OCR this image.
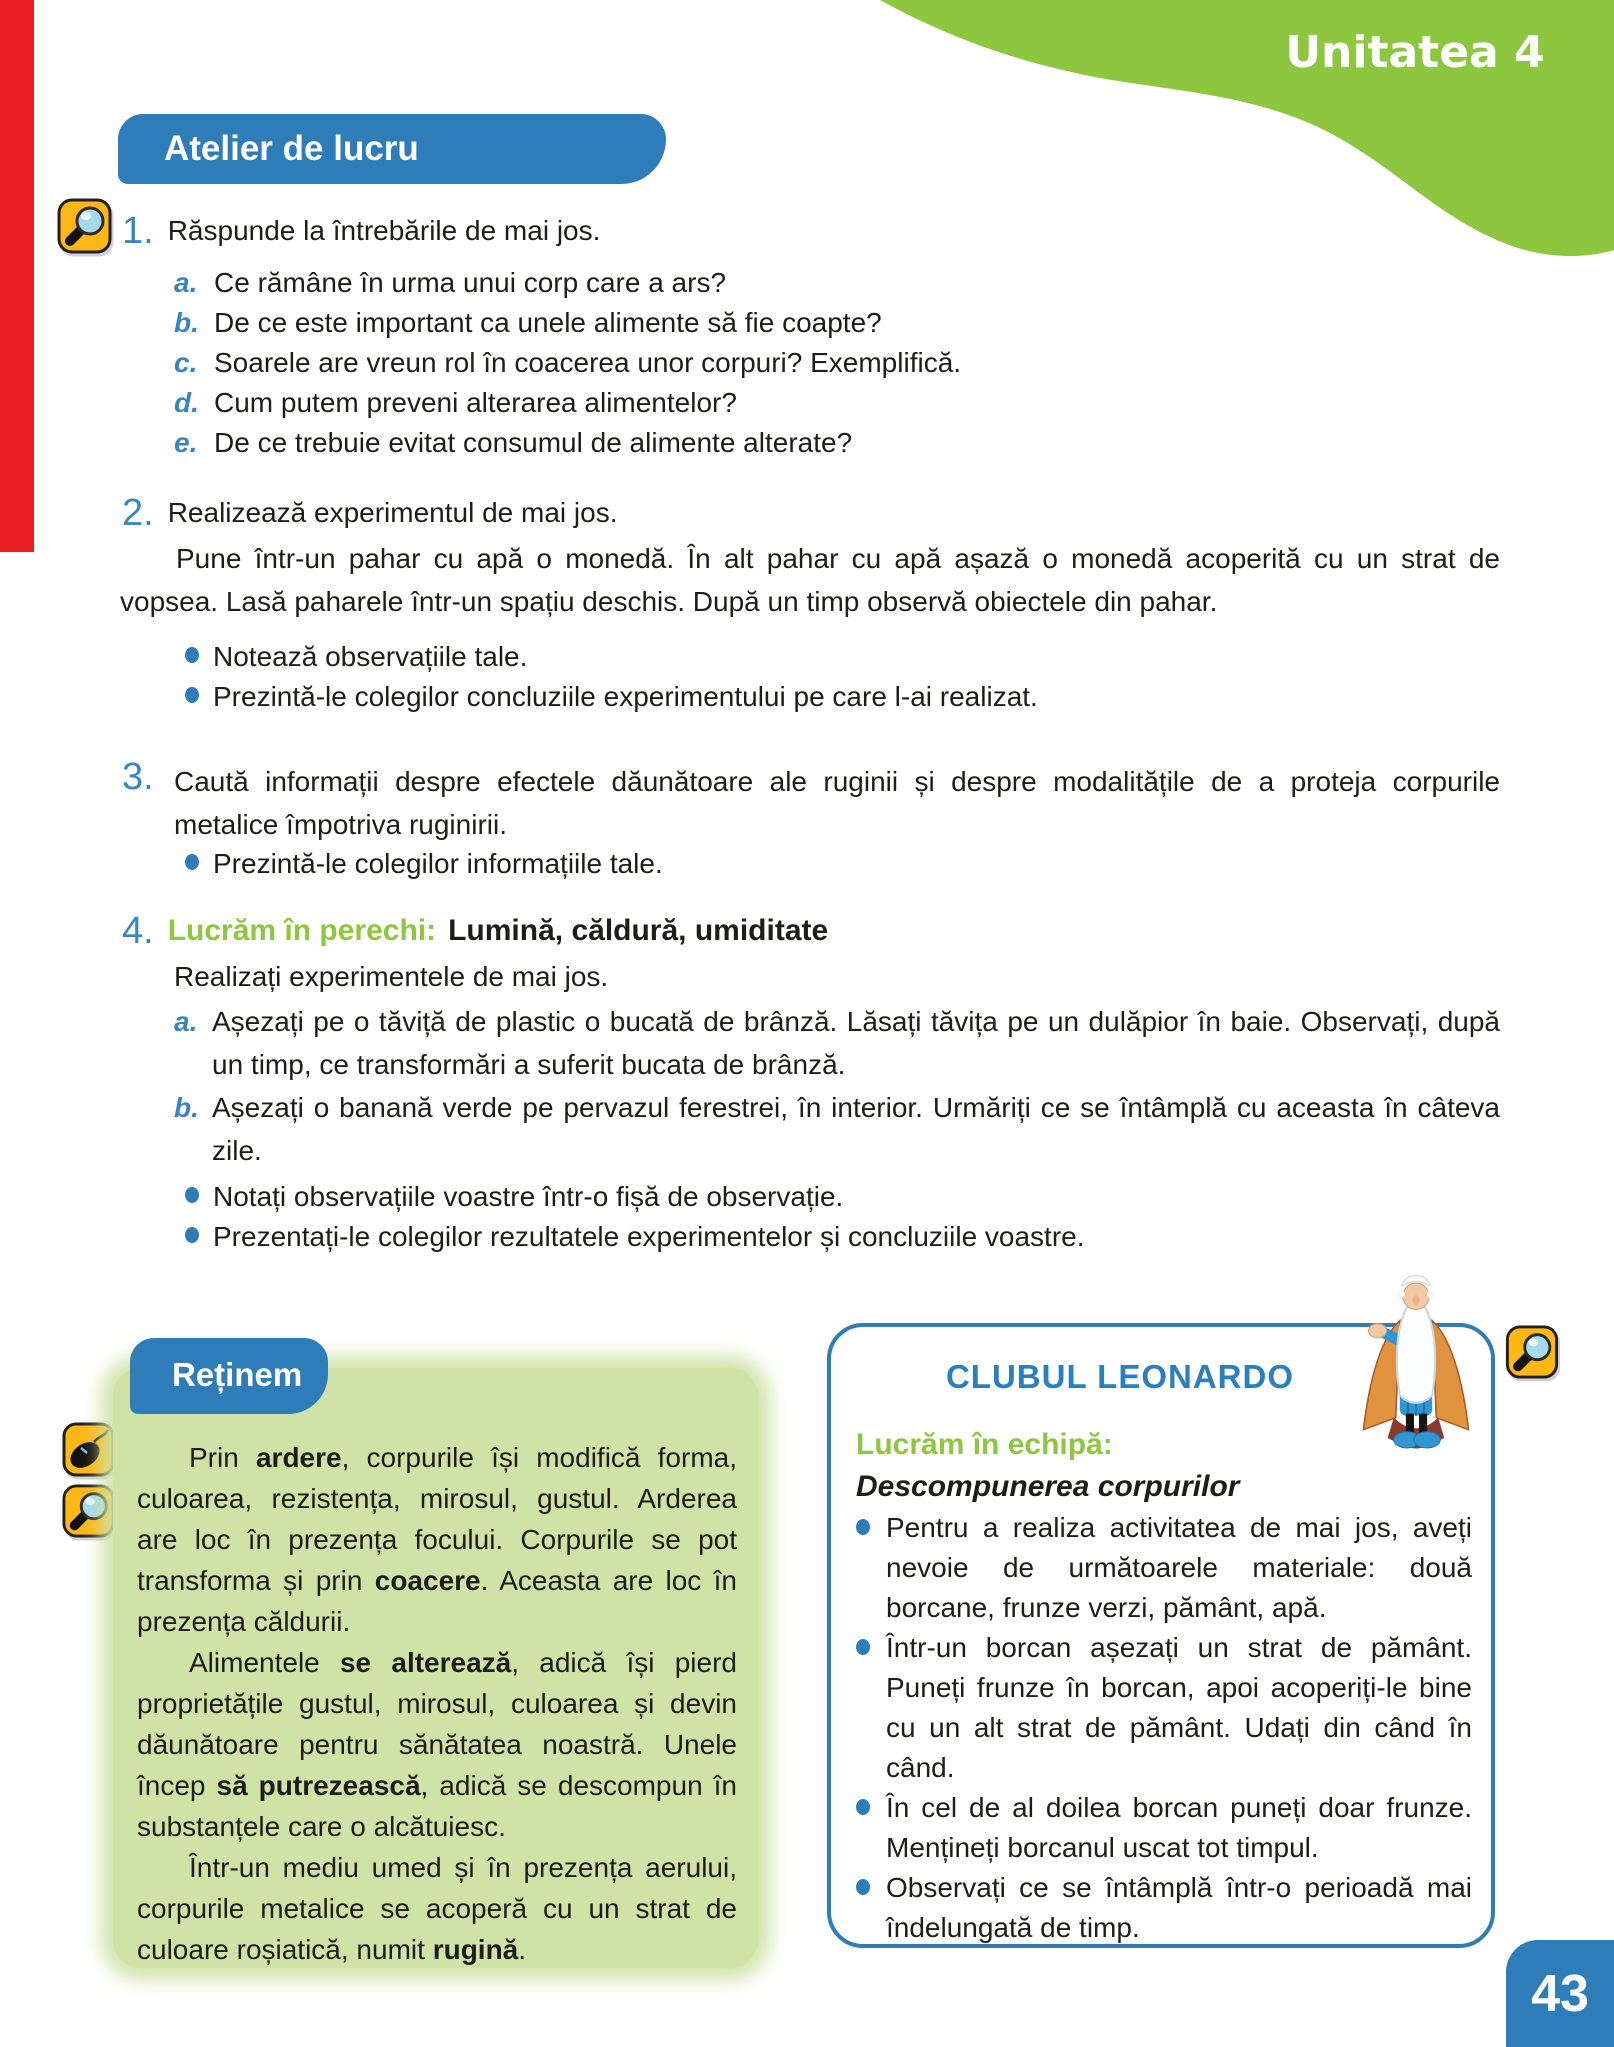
Unitatea 4
Atelier de lucru
1. Răspunde la întrebările de mai jos.
a. Ce rămâne în urma unui corp care a ars?
b. De ce este important ca unele alimente să fie coapte?
c. Soarele are vreun rol în coacerea unor corpuri? Exemplifică.
d. Cum putem preveni alterarea alimentelor?
e. De ce trebuie evitat consumul de alimente alterate?
2. Realizează experimentul de mai jos.
Pune într-un pahar cu apă o monedă. În alt pahar cu apă așază o monedă acoperită cu un strat de vopsea. Lasă paharele într-un spațiu deschis. După un timp observă obiectele din pahar.
Notează observațiile tale.
Prezintă-le colegilor concluziile experimentului pe care l-ai realizat.
3. Caută informații despre efectele dăunătoare ale ruginii și despre modalitățile de a proteja corpurile metalice împotriva ruginirii.
Prezintă-le colegilor informațiile tale.
4. Lucrăm în perechi: Lumină, căldură, umiditate
Realizați experimentele de mai jos.
a. Așezați pe o tăviță de plastic o bucată de brânză. Lăsați tăvița pe un dulăpior în baie. Observați, după un timp, ce transformări a suferit bucata de brânză.
b. Așezați o banană verde pe pervazul ferestrei, în interior. Urmăriți ce se întâmplă cu aceasta în câteva zile.
Notați observațiile voastre într-o fișă de observație.
Prezentați-le colegilor rezultatele experimentelor și concluziile voastre.
Reținem

Prin ardere, corpurile își modifică forma, culoarea, rezistența, mirosul, gustul. Arderea are loc în prezența focului. Corpurile se pot transforma și prin coacere. Aceasta are loc în prezența căldurii.

Alimentele se alterează, adică își pierd proprietățile gustul, mirosul, culoarea și devin dăunătoare pentru sănătatea noastră. Unele încep să putrezească, adică se descompun în substanțele care o alcătuiesc.

Într-un mediu umed și în prezența aerului, corpurile metalice se acoperă cu un strat de culoare roșiatică, numit rugină.

CLUBUL LEONARDO
Lucrăm în echipă:
Descompunerea corpurilor
Pentru a realiza activitatea de mai jos, aveți nevoie de următoarele materiale: două borcane, frunze verzi, pământ, apă.
Într-un borcan așezați un strat de pământ. Puneți frunze în borcan, apoi acoperiți-le bine cu un alt strat de pământ. Udați din când în când.
În cel de al doilea borcan puneți doar frunze. Mențineți borcanul uscat tot timpul.
Observați ce se întâmplă într-o perioadă mai îndelungată de timp.
43
